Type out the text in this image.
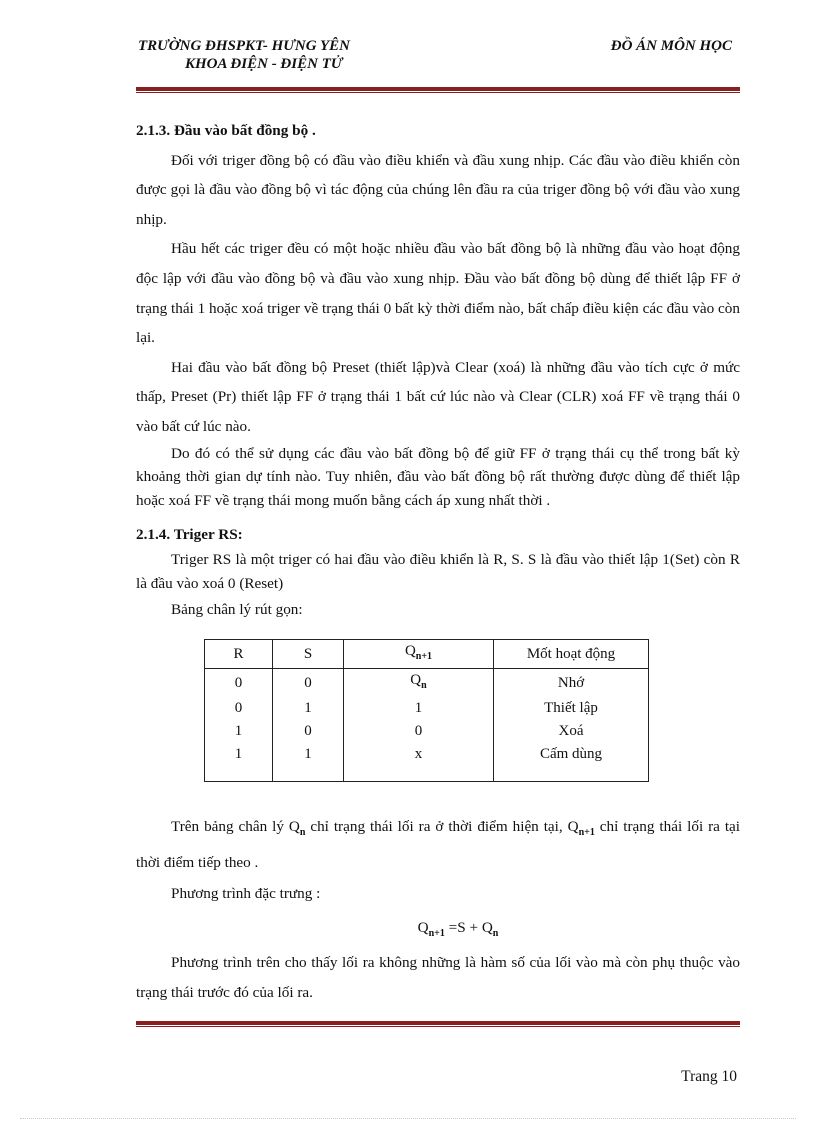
TRƯỜNG ĐHSPKT- HƯNG YÊN
KHOA ĐIỆN - ĐIỆN TỬ
ĐỒ ÁN MÔN HỌC
2.1.3. Đầu vào bất đồng bộ .

Đối với triger đồng bộ có đầu vào điều khiển và đầu xung nhịp. Các đầu vào điều khiển còn được gọi là đầu vào đồng bộ vì tác động của chúng lên đầu ra của triger đồng bộ với đầu vào xung nhịp.

Hầu hết các triger đều có một hoặc nhiều đầu vào bất đồng bộ là những đầu vào hoạt động độc lập với đầu vào đồng bộ và đầu vào xung nhịp. Đầu vào bất đồng bộ dùng để thiết lập FF ở trạng thái 1 hoặc xoá triger về trạng thái 0 bất kỳ thời điểm nào, bất chấp điều kiện các đầu vào còn lại.

Hai đầu vào bất đồng bộ Preset (thiết lập)và Clear (xoá) là những đầu vào tích cực ở mức thấp, Preset (Pr) thiết lập FF ở trạng thái 1 bất cứ lúc nào và Clear (CLR) xoá FF về trạng thái 0 vào bất cứ lúc nào.

Do đó có thể sử dụng các đầu vào bất đồng bộ để giữ FF ở trạng thái cụ thể trong bất kỳ khoảng thời gian dự tính nào. Tuy nhiên, đầu vào bất đồng bộ rất thường được dùng để thiết lập hoặc xoá FF về trạng thái mong muốn bằng cách áp xung nhất thời .

2.1.4. Triger RS:

Triger RS là một triger có hai đầu vào điều khiển là R, S. S là đầu vào thiết lập 1(Set) còn R là đầu vào xoá 0 (Reset)

Bảng chân lý rút gọn:
R	S	$Q_{n+1}$	Mốt hoạt động
0	0	$Q_n$	Nhớ
0	1	1	Thiết lập
1	0	0	Xoá
1	1	x	Cấm dùng

Trên bảng chân lý $Q_n$ chỉ trạng thái lối ra ở thời điểm hiện tại, $Q_{n+1}$ chỉ trạng thái lối ra tại thời điểm tiếp theo .

Phương trình đặc trưng :
$Q_{n+1} =S + Q_n$

Phương trình trên cho thấy lối ra không những là hàm số của lối vào mà còn phụ thuộc vào trạng thái trước đó của lối ra.

Trang 10
